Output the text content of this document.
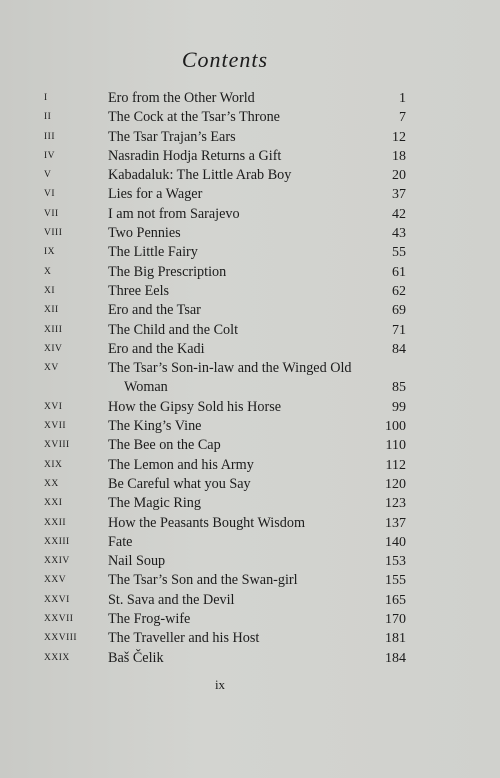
Contents
I	Ero from the Other World	1
II	The Cock at the Tsar’s Throne	7
III	The Tsar Trajan’s Ears	12
IV	Nasradin Hodja Returns a Gift	18
V	Kabadaluk: The Little Arab Boy	20
VI	Lies for a Wager	37
VII	I am not from Sarajevo	42
VIII	Two Pennies	43
IX	The Little Fairy	55
X	The Big Prescription	61
XI	Three Eels	62
XII	Ero and the Tsar	69
XIII	The Child and the Colt	71
XIV	Ero and the Kadi	84
XV	The Tsar’s Son-in-law and the Winged Old
Woman	85
XVI	How the Gipsy Sold his Horse	99
XVII	The King’s Vine	100
XVIII	The Bee on the Cap	110
XIX	The Lemon and his Army	112
XX	Be Careful what you Say	120
XXI	The Magic Ring	123
XXII	How the Peasants Bought Wisdom	137
XXIII	Fate	140
XXIV	Nail Soup	153
XXV	The Tsar’s Son and the Swan-girl	155
XXVI	St. Sava and the Devil	165
XXVII The Frog-wife	170
XXVIII The Traveller and his Host	181
XXIX	Baš Čelik	184
ix
